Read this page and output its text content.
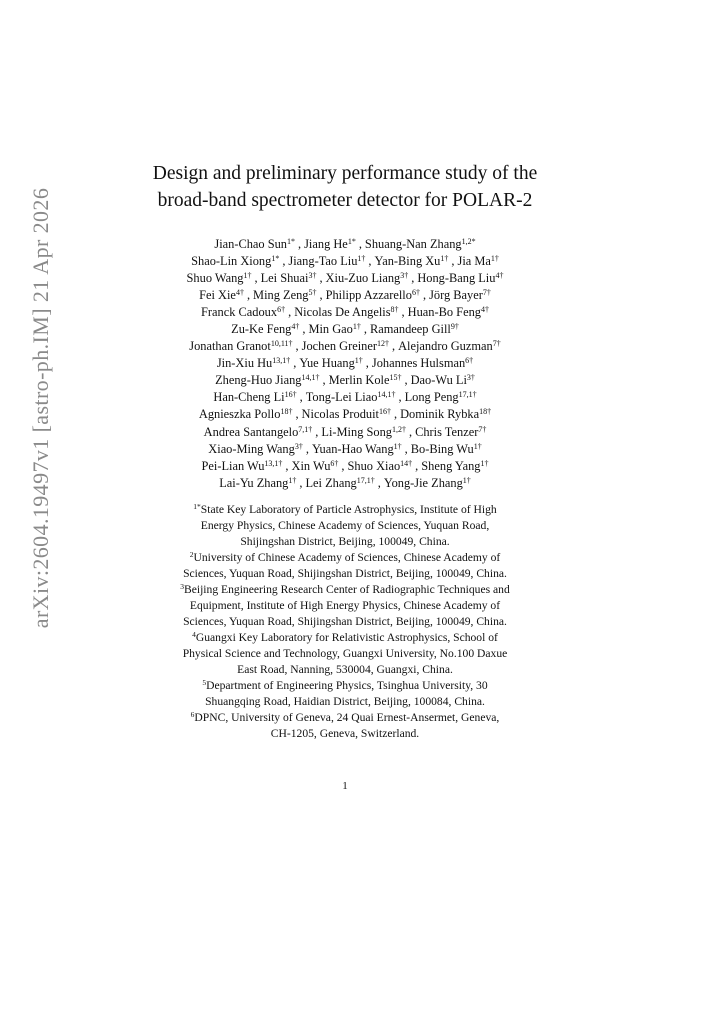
arXiv:2604.19497v1 [astro-ph.IM] 21 Apr 2026
Design and preliminary performance study of the
broad-band spectrometer detector for POLAR-2
Jian-Chao Sun$^{1*}$ , Jiang $He^{1*}$ , Shuang-Nan Zhang$^{1,2*}$
Shao-Lin Xiong$^{1*}$ , Jiang-Tao Liu$^{1\dagger}$ , Yan-Bing $Xu^{1\dagger}$ , Jia $Ma^{1\dagger}$
Shuo Wang$^{1\dagger}$ , Lei Shuai$^{3\dagger}$ , Xiu-Zuo Liang$^{3\dagger}$ , Hong-Bang Liu$^{4\dagger}$
Fei Xie$^{4\dagger}$ , Ming Zeng$^{5\dagger}$ , Philipp Azzarello$^{6\dagger}$ , Jörg Bayer$^{7\dagger}$
Franck Cadoux$^{6\dagger}$ , Nicolas De Angelis$^{8\dagger}$ , Huan-Bo Feng$^{4\dagger}$
Zu-Ke Feng$^{4\dagger}$ , Min Gao$^{1\dagger}$ , Ramandeep Gill$^{9\dagger}$
Jonathan Granot$^{10,11\dagger}$ , Jochen Greiner$^{12\dagger}$ , Alejandro Guzman$^{7\dagger}$
Jin-Xiu $Hu^{13,1\dagger}$ , Yue Huang$^{1\dagger}$ , Johannes Hulsman$^{6\dagger}$
Zheng-Huo Jiang$^{14,1\dagger}$ , Merlin Kole$^{15\dagger}$ , Dao-Wu $Li^{3\dagger}$
Han-Cheng $Li^{16\dagger}$ , Tong-Lei Liao$^{14,1\dagger}$ , Long Peng$^{17,1\dagger}$
Agnieszka Pollo$^{18\dagger}$ , Nicolas Produit$^{16\dagger}$ , Dominik Rybka$^{18\dagger}$
Andrea Santangelo$^{7,1\dagger}$ , Li-Ming Song$^{1,2\dagger}$ , Chris Tenzer$^{7\dagger}$
Xiao-Ming Wang$^{3\dagger}$ , Yuan-Hao Wang$^{1\dagger}$ , Bo-Bing $Wu^{1\dagger}$
Pei-Lian $Wu^{13,1\dagger}$ , Xin $Wu^{6\dagger}$ , Shuo Xiao$^{14\dagger}$ , Sheng Yang$^{1\dagger}$
Lai-Yu Zhang$^{1\dagger}$ , Lei Zhang$^{17,1\dagger}$ , Yong-Jie Zhang$^{1\dagger}$
$^{1*}$State Key Laboratory of Particle Astrophysics, Institute of High
Energy Physics, Chinese Academy of Sciences, Yuquan Road,
Shijingshan District, Beijing, 100049, China.
$^2$University of Chinese Academy of Sciences, Chinese Academy of
Sciences, Yuquan Road, Shijingshan District, Beijing, 100049, China.
$^3$Beijing Engineering Research Center of Radiographic Techniques and
Equipment, Institute of High Energy Physics, Chinese Academy of
Sciences, Yuquan Road, Shijingshan District, Beijing, 100049, China.
$^4$Guangxi Key Laboratory for Relativistic Astrophysics, School of
Physical Science and Technology, Guangxi University, No.100 Daxue
East Road, Nanning, 530004, Guangxi, China.
$^5$Department of Engineering Physics, Tsinghua University, 30
Shuangqing Road, Haidian District, Beijing, 100084, China.
$^6$DPNC, University of Geneva, 24 Quai Ernest-Ansermet, Geneva,
CH-1205, Geneva, Switzerland.
1
